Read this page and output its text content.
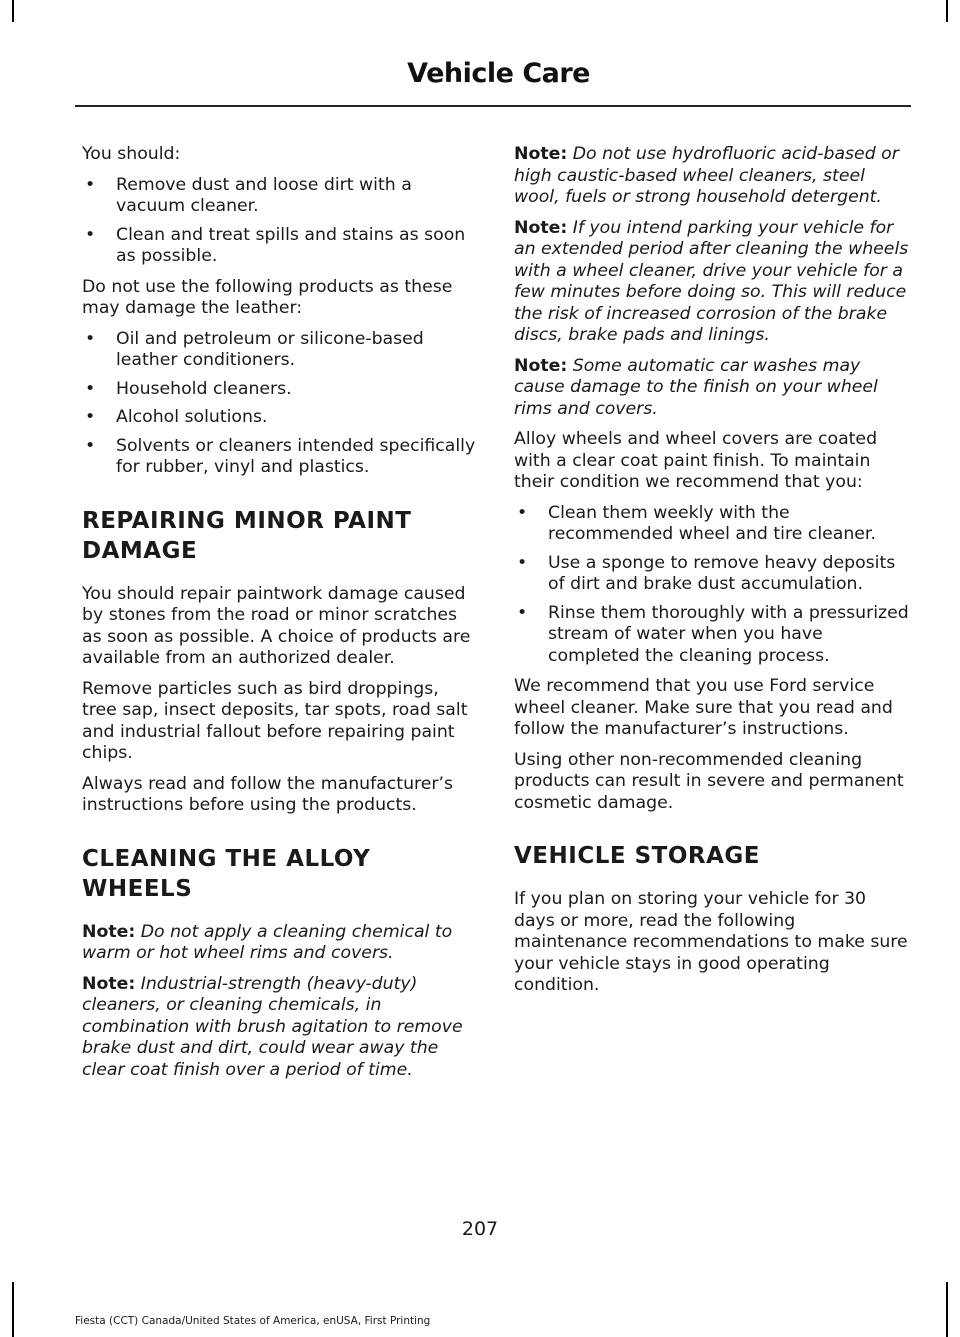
Vehicle Care

You should:

• Remove dust and loose dirt with a vacuum cleaner.
• Clean and treat spills and stains as soon as possible.

Do not use the following products as these may damage the leather:

• Oil and petroleum or silicone-based leather conditioners.
• Household cleaners.
• Alcohol solutions.
• Solvents or cleaners intended specifically for rubber, vinyl and plastics.
REPAIRING MINOR PAINT DAMAGE

You should repair paintwork damage caused by stones from the road or minor scratches as soon as possible. A choice of products are available from an authorized dealer.

Remove particles such as bird droppings, tree sap, insect deposits, tar spots, road salt and industrial fallout before repairing paint chips.

Always read and follow the manufacturer’s instructions before using the products.

CLEANING THE ALLOY WHEELS

Note: Do not apply a cleaning chemical to warm or hot wheel rims and covers.

Note: Industrial-strength (heavy-duty) cleaners, or cleaning chemicals, in combination with brush agitation to remove brake dust and dirt, could wear away the clear coat finish over a period of time.

Note: Do not use hydrofluoric acid-based or high caustic-based wheel cleaners, steel wool, fuels or strong household detergent.

Note: If you intend parking your vehicle for an extended period after cleaning the wheels with a wheel cleaner, drive your vehicle for a few minutes before doing so. This will reduce the risk of increased corrosion of the brake discs, brake pads and linings.

Note: Some automatic car washes may cause damage to the finish on your wheel rims and covers.

Alloy wheels and wheel covers are coated with a clear coat paint finish. To maintain their condition we recommend that you:

• Clean them weekly with the recommended wheel and tire cleaner.
• Use a sponge to remove heavy deposits of dirt and brake dust accumulation.
• Rinse them thoroughly with a pressurized stream of water when you have completed the cleaning process.

We recommend that you use Ford service wheel cleaner. Make sure that you read and follow the manufacturer’s instructions.

Using other non-recommended cleaning products can result in severe and permanent cosmetic damage.

VEHICLE STORAGE

If you plan on storing your vehicle for 30 days or more, read the following maintenance recommendations to make sure your vehicle stays in good operating condition.

207
Fiesta (CCT) Canada/United States of America, enUSA, First Printing
